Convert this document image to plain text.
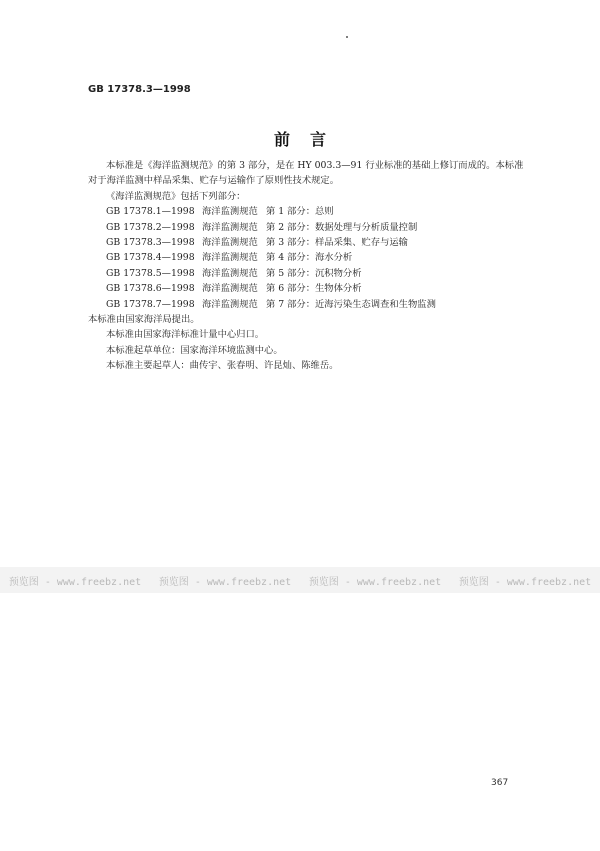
GB 17378.3—1998
前言
本标准是《海洋监测规范》的第 3 部分，是在 HY 003.3—91 行业标准的基础上修订而成的。本标准
对于海洋监测中样品采集、贮存与运输作了原则性技术规定。
《海洋监测规范》包括下列部分：
GB 17378.1—1998 海洋监测规范 第 1 部分：总则
GB 17378.2—1998 海洋监测规范 第 2 部分：数据处理与分析质量控制
GB 17378.3—1998 海洋监测规范 第 3 部分：样品采集、贮存与运输
GB 17378.4—1998 海洋监测规范 第 4 部分：海水分析
GB 17378.5—1998 海洋监测规范 第 5 部分：沉积物分析
GB 17378.6—1998 海洋监测规范 第 6 部分：生物体分析
GB 17378.7—1998 海洋监测规范 第 7 部分：近海污染生态调查和生物监测
本标准由国家海洋局提出。
本标准由国家海洋标准计量中心归口。
本标准起草单位：国家海洋环境监测中心。
本标准主要起草人：曲传宇、张春明、许昆灿、陈维岳。
预览图 - www.freebz.net 预览图 - www.freebz.net 预览图 - www.freebz.net 预览图 - www.freebz.net
367
